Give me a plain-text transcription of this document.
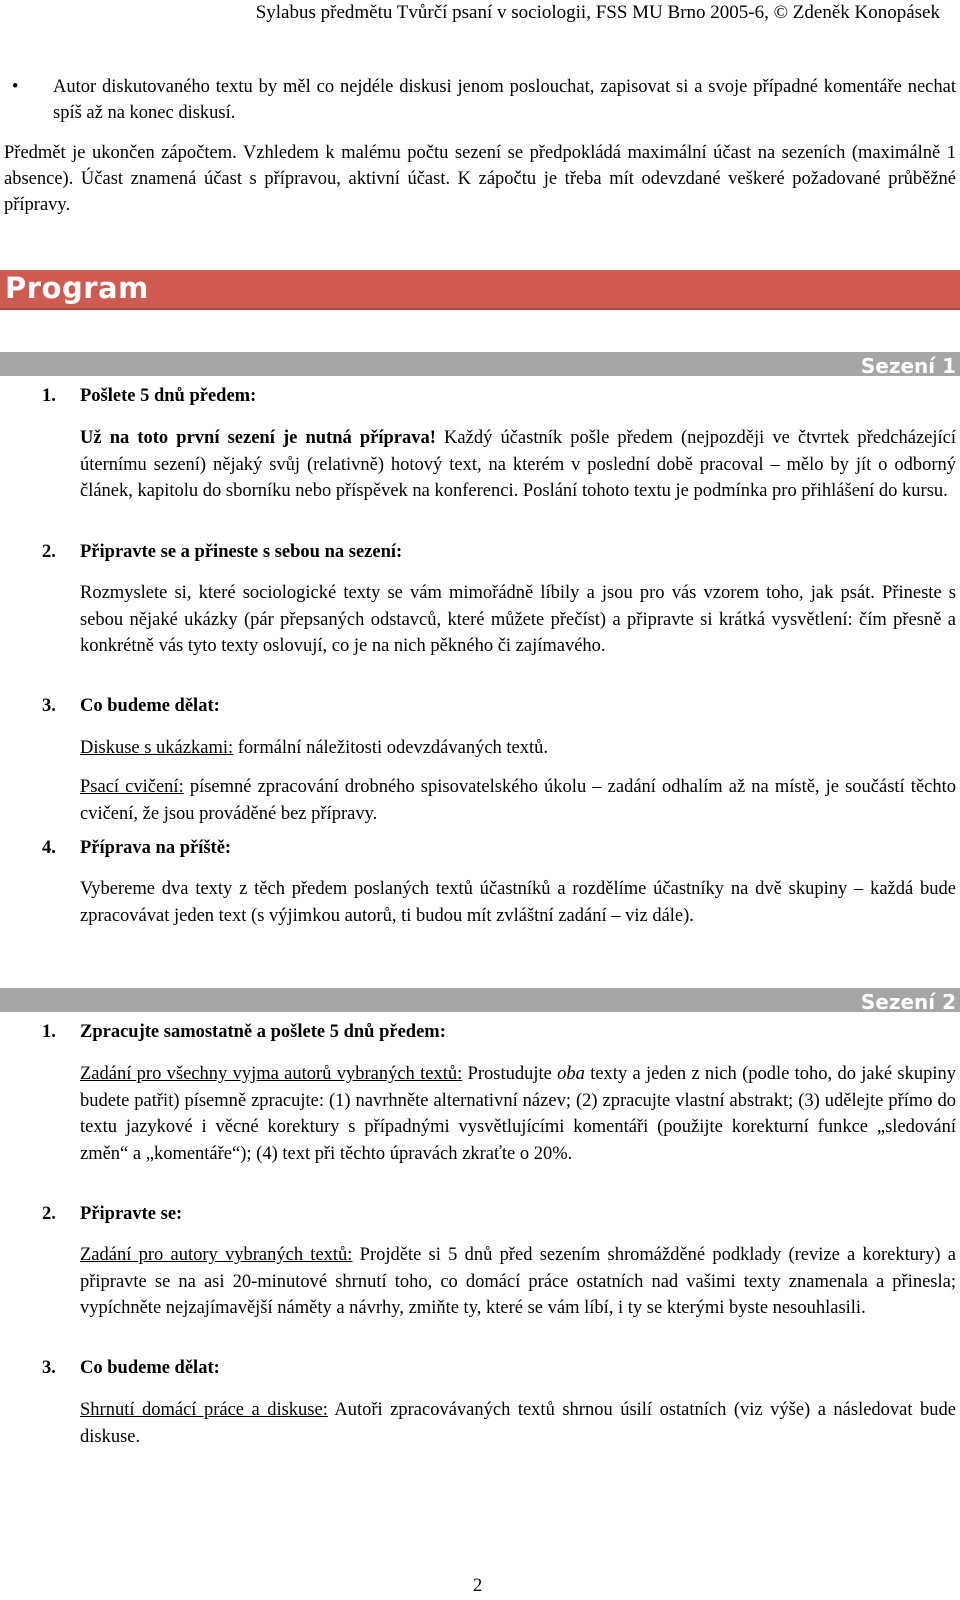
Sylabus předmětu Tvůrčí psaní v sociologii, FSS MU Brno 2005-6, © Zdeněk Konopásek
• Autor diskutovaného textu by měl co nejdéle diskusi jenom poslouchat, zapisovat si a svoje případné komentáře nechat spíš až na konec diskusí.
Předmět je ukončen zápočtem. Vzhledem k malému počtu sezení se předpokládá maximální účast na sezeních (maximálně 1 absence). Účast znamená účast s přípravou, aktivní účast. K zápočtu je třeba mít odevzdané veškeré požadované průběžné přípravy.
Program
Sezení 1
1. Pošlete 5 dnů předem:
Už na toto první sezení je nutná příprava! Každý účastník pošle předem (nejpozději ve čtvrtek předcházející úternímu sezení) nějaký svůj (relativně) hotový text, na kterém v poslední době pracoval – mělo by jít o odborný článek, kapitolu do sborníku nebo příspěvek na konferenci. Poslání tohoto textu je podmínka pro přihlášení do kursu.
2. Připravte se a přineste s sebou na sezení:
Rozmyslete si, které sociologické texty se vám mimořádně líbily a jsou pro vás vzorem toho, jak psát. Přineste s sebou nějaké ukázky (pár přepsaných odstavců, které můžete přečíst) a připravte si krátká vysvětlení: čím přesně a konkrétně vás tyto texty oslovují, co je na nich pěkného či zajímavého.
3. Co budeme dělat:
Diskuse s ukázkami: formální náležitosti odevzdávaných textů.
Psací cvičení: písemné zpracování drobného spisovatelského úkolu – zadání odhalím až na místě, je součástí těchto cvičení, že jsou prováděné bez přípravy.
4. Příprava na příště:
Vybereme dva texty z těch předem poslaných textů účastníků a rozdělíme účastníky na dvě skupiny – každá bude zpracovávat jeden text (s výjimkou autorů, ti budou mít zvláštní zadání – viz dále).
Sezení 2
1. Zpracujte samostatně a pošlete 5 dnů předem:
Zadání pro všechny vyjma autorů vybraných textů: Prostudujte oba texty a jeden z nich (podle toho, do jaké skupiny budete patřit) písemně zpracujte: (1) navrhněte alternativní název; (2) zpracujte vlastní abstrakt; (3) udělejte přímo do textu jazykové i věcné korektury s případnými vysvětlujícími komentáři (použijte korekturní funkce „sledování změn“ a „komentáře“); (4) text při těchto úpravách zkraťte o 20%.
2. Připravte se:
Zadání pro autory vybraných textů: Projděte si 5 dnů před sezením shromážděné podklady (revize a korektury) a připravte se na asi 20-minutové shrnutí toho, co domácí práce ostatních nad vašimi texty znamenala a přinesla; vypíchněte nejzajímavější náměty a návrhy, zmiňte ty, které se vám líbí, i ty se kterými byste nesouhlasili.
3. Co budeme dělat:
Shrnutí domácí práce a diskuse: Autoři zpracovávaných textů shrnou úsilí ostatních (viz výše) a následovat bude diskuse.
2
